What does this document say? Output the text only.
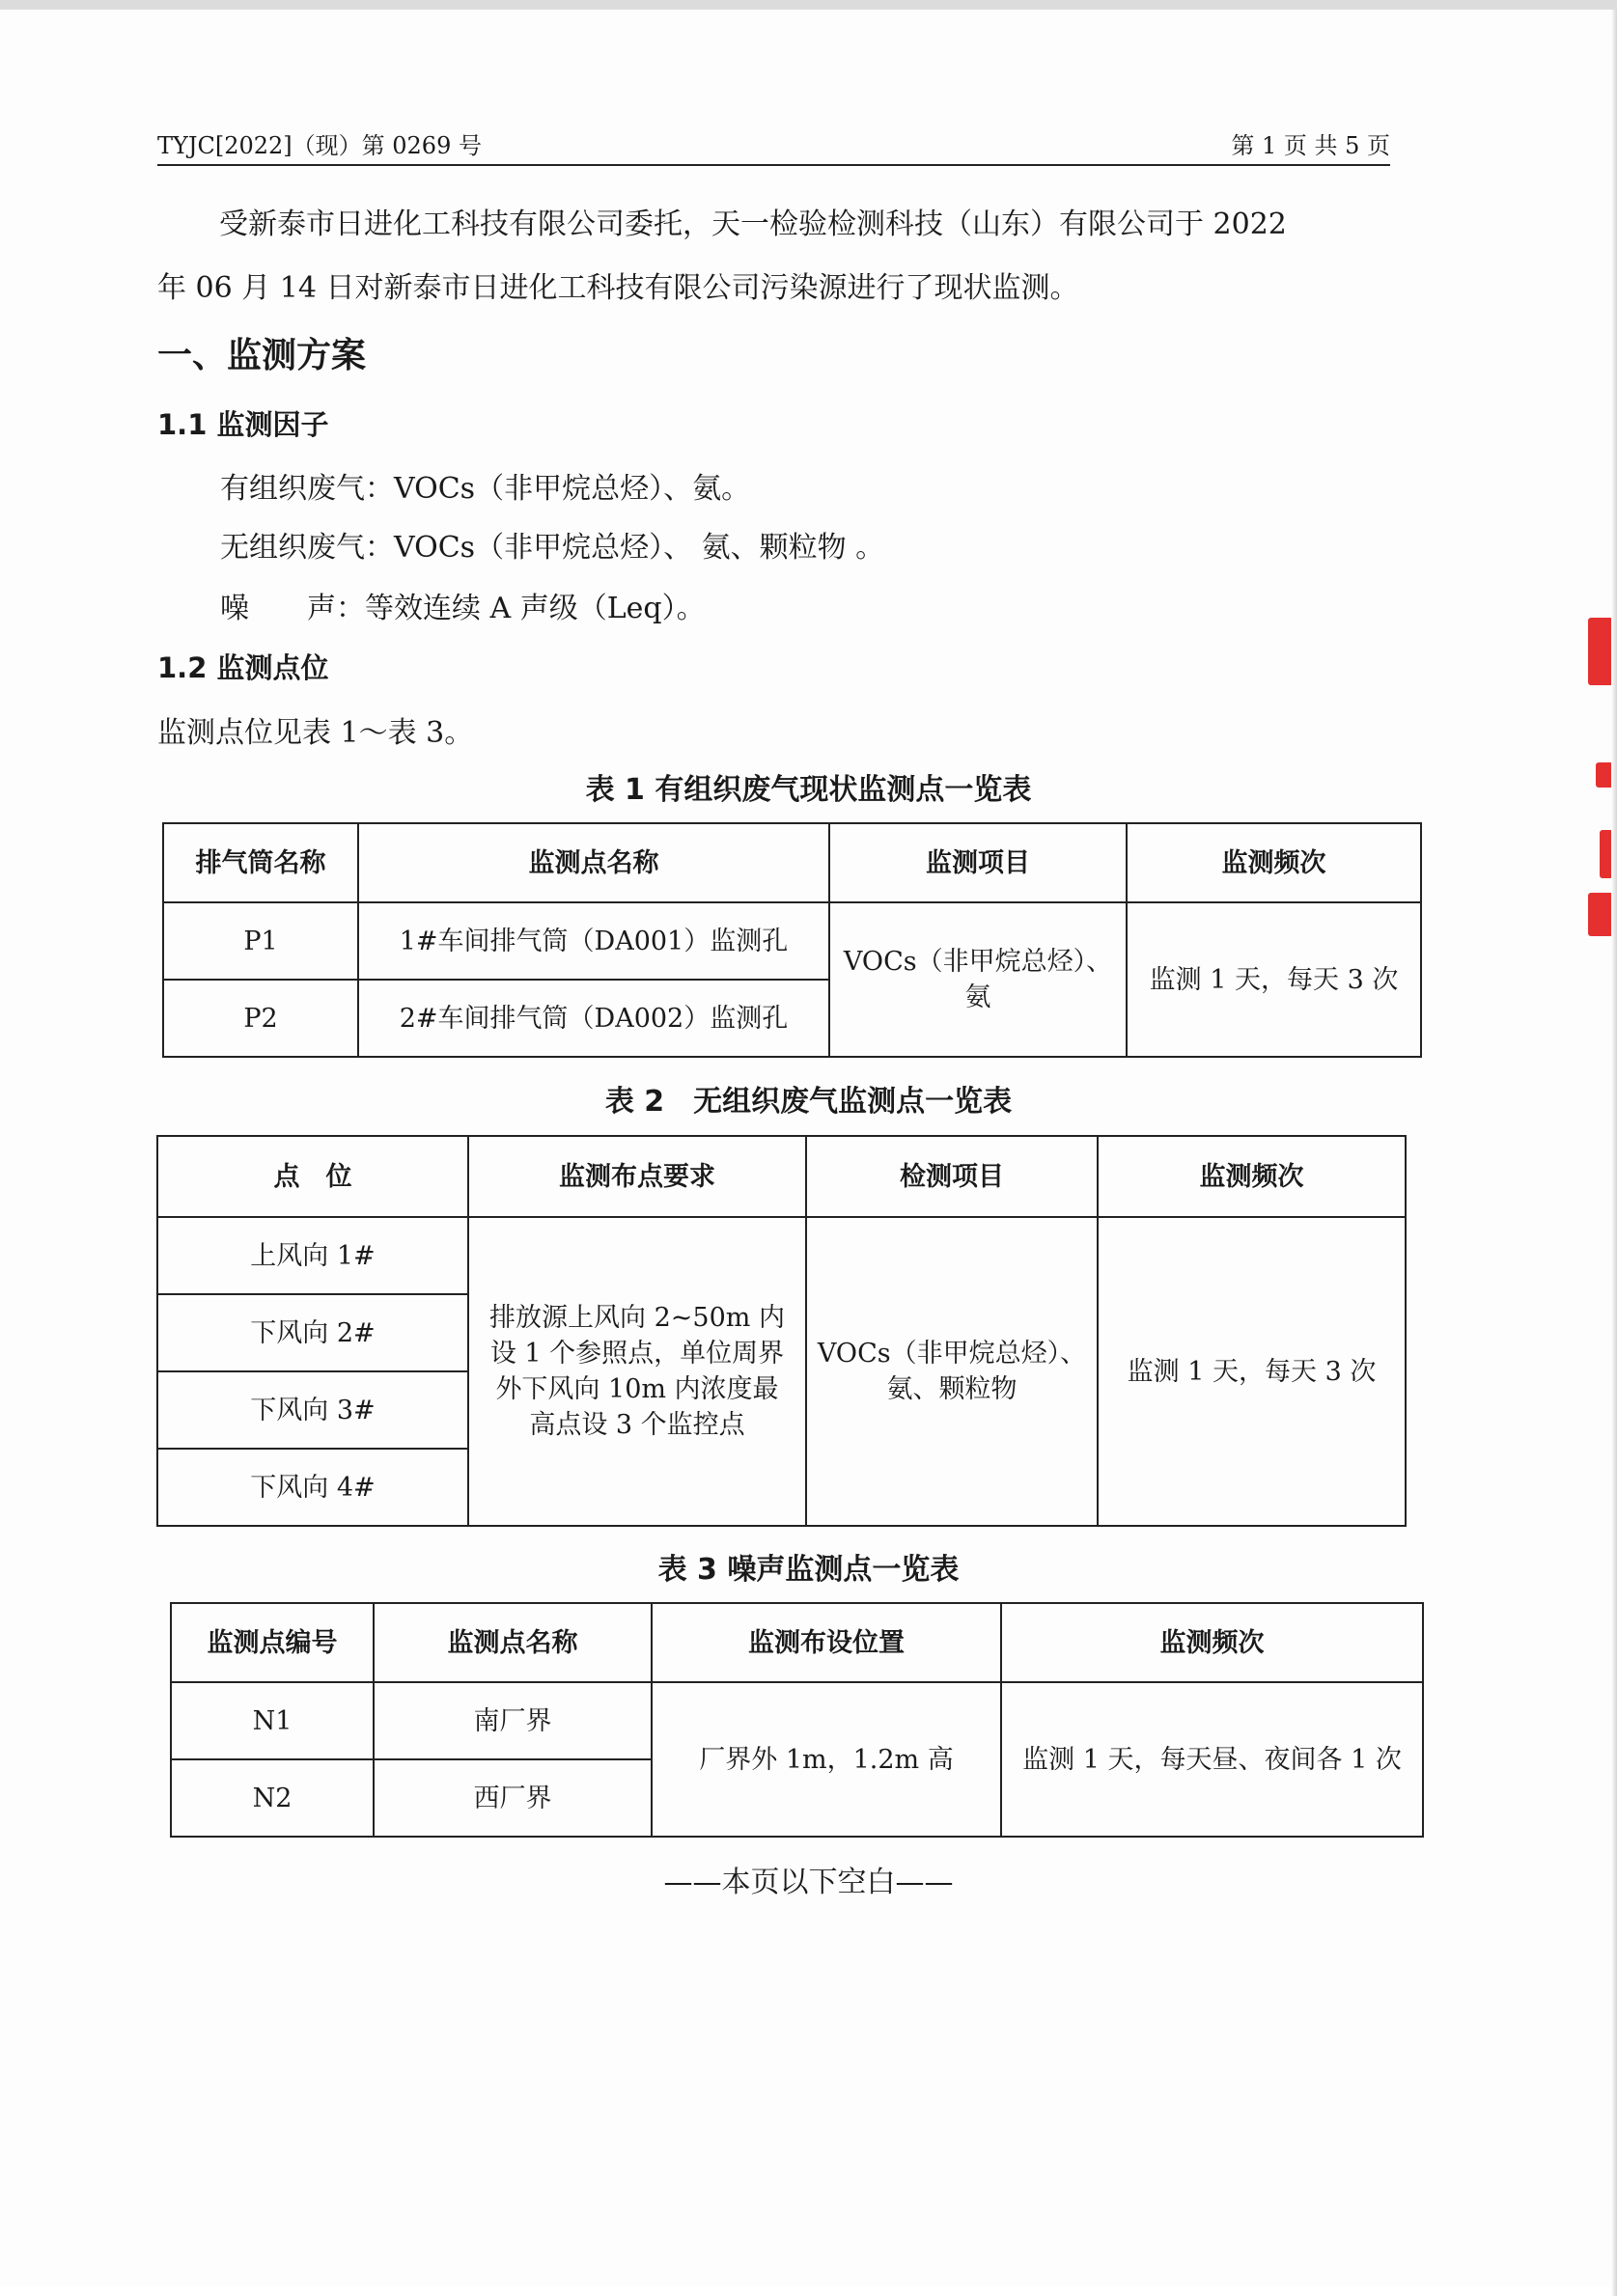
TYJC[2022]（现）第 0269 号	第 1 页 共 5 页
受新泰市日进化工科技有限公司委托，天一检验检测科技（山东）有限公司于 2022
年 06 月 14 日对新泰市日进化工科技有限公司污染源进行了现状监测。
一、监测方案
1.1 监测因子
有组织废气：VOCs（非甲烷总烃）、氨。
无组织废气：VOCs（非甲烷总烃）、 氨、颗粒物 。
噪　　声：等效连续 A 声级（Leq）。
1.2 监测点位
监测点位见表 1～表 3。
表 1 有组织废气现状监测点一览表
排气筒名称	监测点名称	监测项目	监测频次
P1	1#车间排气筒（DA001）监测孔	VOCs（非甲烷总烃）、氨	监测 1 天，每天 3 次
P2	2#车间排气筒（DA002）监测孔		
表 2　无组织废气监测点一览表
点　位	监测布点要求	检测项目	监测频次
上风向 1#	排放源上风向 2~50m 内设 1 个参照点，单位周界外下风向 10m 内浓度最高点设 3 个监控点	VOCs（非甲烷总烃）、氨、颗粒物	监测 1 天，每天 3 次
下风向 2#			
下风向 3#			
下风向 4#			
表 3 噪声监测点一览表
监测点编号	监测点名称	监测布设位置	监测频次
N1	南厂界	厂界外 1m，1.2m 高	监测 1 天，每天昼、夜间各 1 次
N2	西厂界		
——本页以下空白——
